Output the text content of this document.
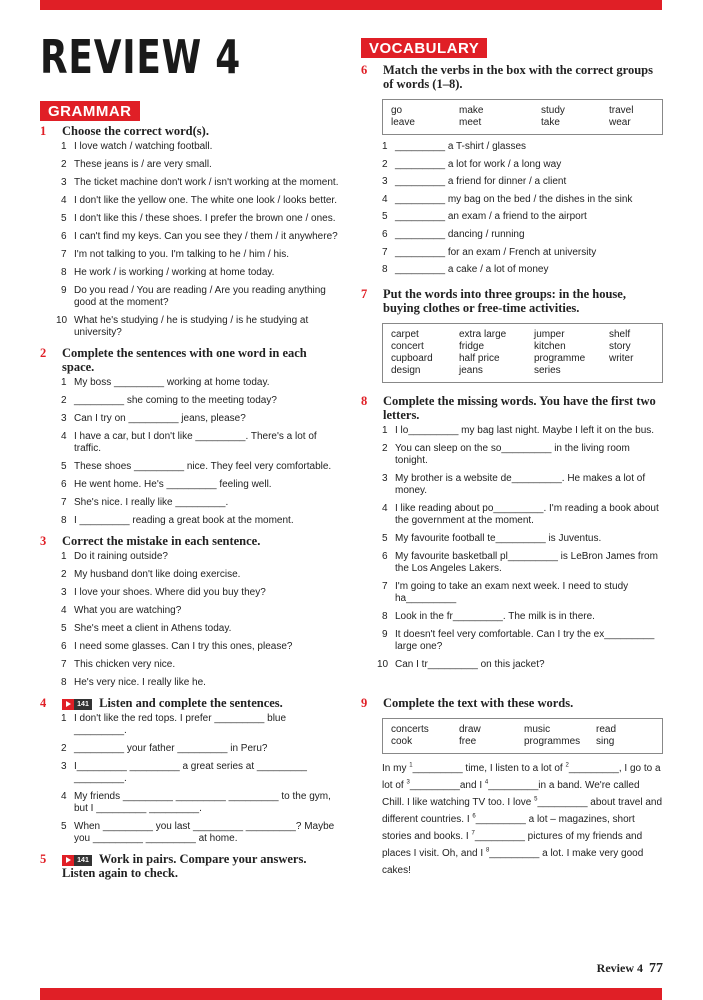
REVIEW 4
GRAMMAR
1 Choose the correct word(s).
1 I love watch / watching football.
2 These jeans is / are very small.
3 The ticket machine don't work / isn't working at the moment.
4 I don't like the yellow one. The white one look / looks better.
5 I don't like this / these shoes. I prefer the brown one / ones.
6 I can't find my keys. Can you see they / them / it anywhere?
7 I'm not talking to you. I'm talking to he / him / his.
8 He work / is working / working at home today.
9 Do you read / You are reading / Are you reading anything good at the moment?
10 What he's studying / he is studying / is he studying at university?
2 Complete the sentences with one word in each space.
1 My boss _________ working at home today.
2 _________ she coming to the meeting today?
3 Can I try on _________ jeans, please?
4 I have a car, but I don't like _________. There's a lot of traffic.
5 These shoes _________ nice. They feel very comfortable.
6 He went home. He's _________ feeling well.
7 She's nice. I really like _________.
8 I _________ reading a great book at the moment.
3 Correct the mistake in each sentence.
1 Do it raining outside?
2 My husband don't like doing exercise.
3 I love your shoes. Where did you buy they?
4 What you are watching?
5 She's meet a client in Athens today.
6 I need some glasses. Can I try this ones, please?
7 This chicken very nice.
8 He's very nice. I really like he.
4	141 Listen and complete the sentences.
1 I don't like the red tops. I prefer _________ blue _________.
2 _________ your father _________ in Peru?
3 I_________ _________ a great series at _________ _________.
4 My friends _________ _________ _________ to the gym, but I _________ _________.
5 When _________ you last _________ _________? Maybe you _________ _________ at home.
5	141 Work in pairs. Compare your answers. Listen again to check.
VOCABULARY
6 Match the verbs in the box with the correct groups of words (1–8).
go	make	study	travel
leave	meet	take	wear
1 _________ a T-shirt / glasses
2 _________ a lot for work / a long way
3 _________ a friend for dinner / a client
4 _________ my bag on the bed / the dishes in the sink
5 _________ an exam / a friend to the airport
6 _________ dancing / running
7 _________ for an exam / French at university
8 _________ a cake / a lot of money
7 Put the words into three groups: in the house, buying clothes or free-time activities.
carpet	extra large	jumper	shelf
concert	fridge	kitchen	story
cupboard	half price	programme	writer
design	jeans	series
8 Complete the missing words. You have the first two letters.
1 I lo_________ my bag last night. Maybe I left it on the bus.
2 You can sleep on the so_________ in the living room tonight.
3 My brother is a website de_________. He makes a lot of money.
4 I like reading about po_________. I'm reading a book about the government at the moment.
5 My favourite football te_________ is Juventus.
6 My favourite basketball pl_________ is LeBron James from the Los Angeles Lakers.
7 I'm going to take an exam next week. I need to study ha_________
8 Look in the fr_________. The milk is in there.
9 It doesn't feel very comfortable. Can I try the ex_________ large one?
10 Can I tr_________ on this jacket?
9 Complete the text with these words.
concerts	draw	music	read
cook	free	programmes	sing
In my $^1$_________ time, I listen to a lot of $^2$_________, I go to a lot of $^3$_________and I $^4$_________in a band. We're called Chill. I like watching TV too. I love $^5$_________ about travel and different countries. I $^6$_________ a lot – magazines, short stories and books. I $^7$_________ pictures of my friends and places I visit. Oh, and I $^8$_________ a lot. I make very good cakes!
Review 4 77
